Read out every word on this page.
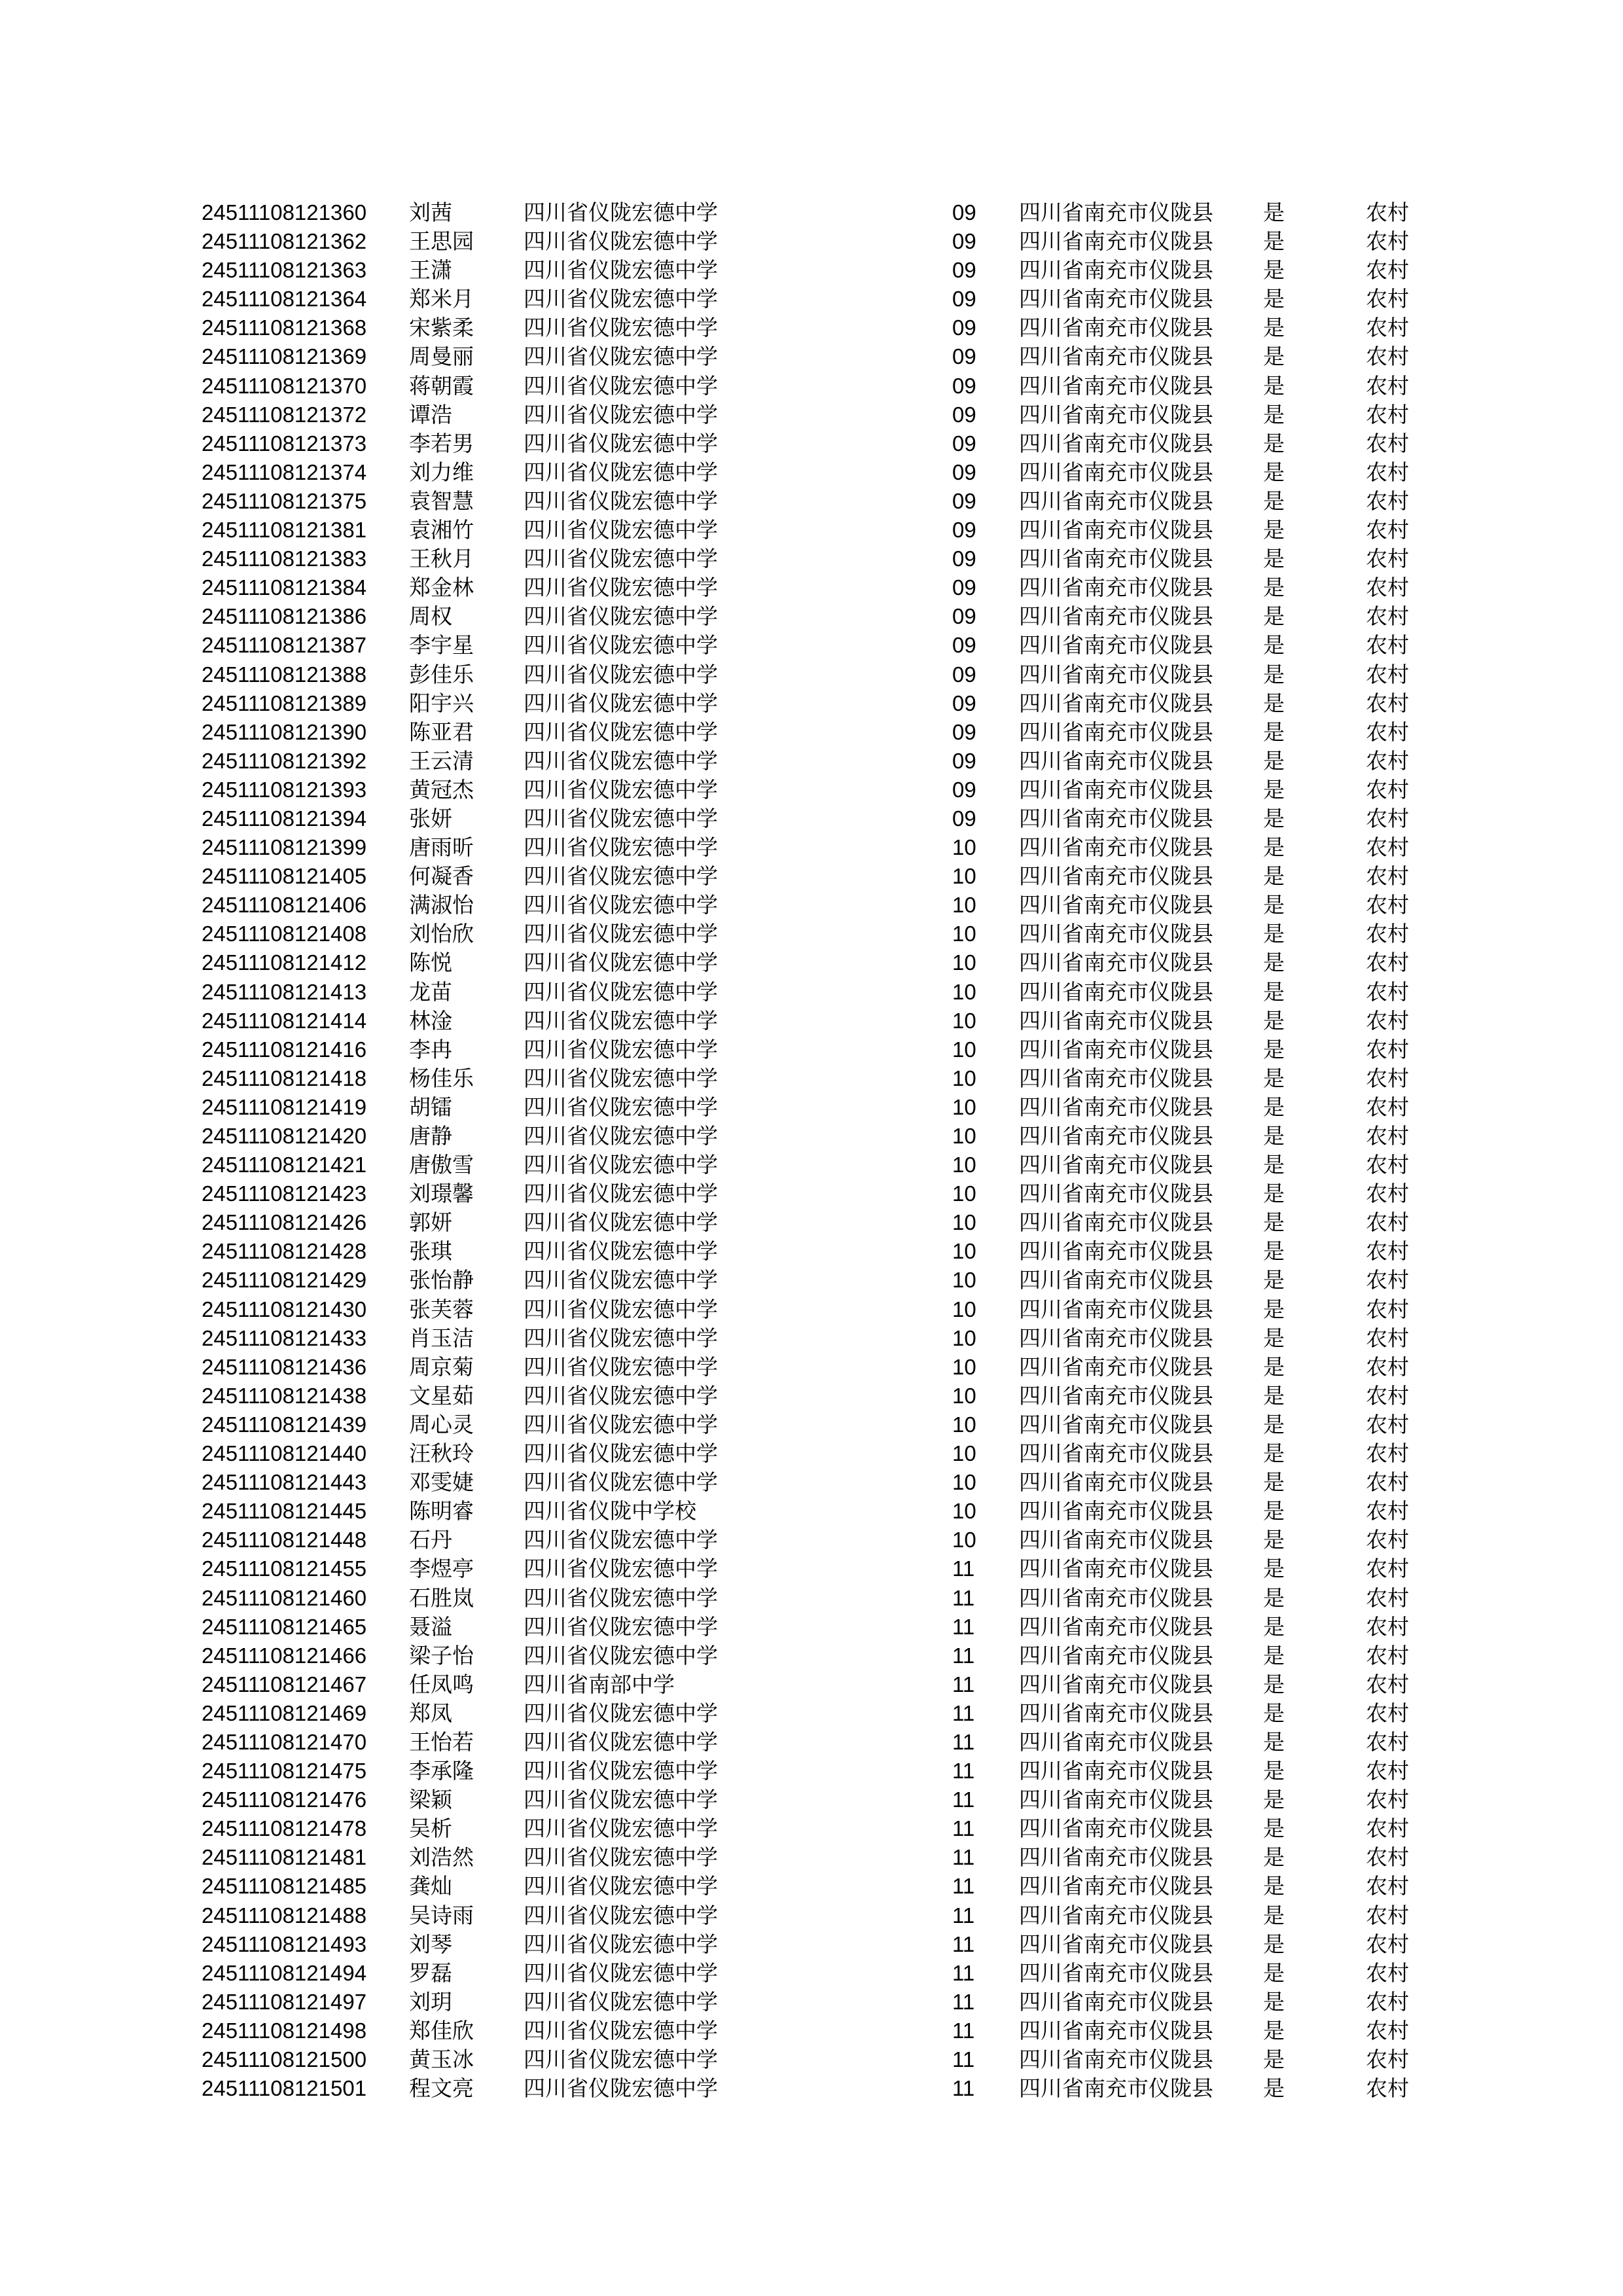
24511108121360 刘茜	四川省仪陇宏德中学	09 四川省南充市仪陇县 是	农村
24511108121362 王思园 四川省仪陇宏德中学	09 四川省南充市仪陇县 是	农村
24511108121363 王潇	四川省仪陇宏德中学	09 四川省南充市仪陇县 是	农村
24511108121364 郑米月 四川省仪陇宏德中学	09 四川省南充市仪陇县 是	农村
24511108121368 宋紫柔 四川省仪陇宏德中学	09 四川省南充市仪陇县 是	农村
24511108121369 周曼丽 四川省仪陇宏德中学	09 四川省南充市仪陇县 是	农村
24511108121370 蒋朝霞 四川省仪陇宏德中学	09 四川省南充市仪陇县 是	农村
24511108121372 谭浩	四川省仪陇宏德中学	09 四川省南充市仪陇县 是	农村
24511108121373 李若男 四川省仪陇宏德中学	09 四川省南充市仪陇县 是	农村
24511108121374 刘力维 四川省仪陇宏德中学	09 四川省南充市仪陇县 是	农村
24511108121375 袁智慧 四川省仪陇宏德中学	09 四川省南充市仪陇县 是	农村
24511108121381 袁湘竹 四川省仪陇宏德中学	09 四川省南充市仪陇县 是	农村
24511108121383 王秋月 四川省仪陇宏德中学	09 四川省南充市仪陇县 是	农村
24511108121384 郑金林 四川省仪陇宏德中学	09 四川省南充市仪陇县 是	农村
24511108121386 周权	四川省仪陇宏德中学	09 四川省南充市仪陇县 是	农村
24511108121387 李宇星 四川省仪陇宏德中学	09 四川省南充市仪陇县 是	农村
24511108121388 彭佳乐 四川省仪陇宏德中学	09 四川省南充市仪陇县 是	农村
24511108121389 阳宇兴 四川省仪陇宏德中学	09 四川省南充市仪陇县 是	农村
24511108121390 陈亚君 四川省仪陇宏德中学	09 四川省南充市仪陇县 是	农村
24511108121392 王云清 四川省仪陇宏德中学	09 四川省南充市仪陇县 是	农村
24511108121393 黄冠杰 四川省仪陇宏德中学	09 四川省南充市仪陇县 是	农村
24511108121394 张妍	四川省仪陇宏德中学	09 四川省南充市仪陇县 是	农村
24511108121399 唐雨昕 四川省仪陇宏德中学	10 四川省南充市仪陇县 是	农村
24511108121405 何凝香 四川省仪陇宏德中学	10 四川省南充市仪陇县 是	农村
24511108121406 满淑怡 四川省仪陇宏德中学	10 四川省南充市仪陇县 是	农村
24511108121408 刘怡欣 四川省仪陇宏德中学	10 四川省南充市仪陇县 是	农村
24511108121412 陈悦	四川省仪陇宏德中学	10 四川省南充市仪陇县 是	农村
24511108121413 龙苗	四川省仪陇宏德中学	10 四川省南充市仪陇县 是	农村
24511108121414 林淦	四川省仪陇宏德中学	10 四川省南充市仪陇县 是	农村
24511108121416 李冉	四川省仪陇宏德中学	10 四川省南充市仪陇县 是	农村
24511108121418 杨佳乐 四川省仪陇宏德中学	10 四川省南充市仪陇县 是	农村
24511108121419 胡镭	四川省仪陇宏德中学	10 四川省南充市仪陇县 是	农村
24511108121420 唐静	四川省仪陇宏德中学	10 四川省南充市仪陇县 是	农村
24511108121421 唐傲雪 四川省仪陇宏德中学	10 四川省南充市仪陇县 是	农村
24511108121423 刘璟馨 四川省仪陇宏德中学	10 四川省南充市仪陇县 是	农村
24511108121426 郭妍	四川省仪陇宏德中学	10 四川省南充市仪陇县 是	农村
24511108121428 张琪	四川省仪陇宏德中学	10 四川省南充市仪陇县 是	农村
24511108121429 张怡静 四川省仪陇宏德中学	10 四川省南充市仪陇县 是	农村
24511108121430 张芙蓉 四川省仪陇宏德中学	10 四川省南充市仪陇县 是	农村
24511108121433 肖玉洁 四川省仪陇宏德中学	10 四川省南充市仪陇县 是	农村
24511108121436 周京菊 四川省仪陇宏德中学	10 四川省南充市仪陇县 是	农村
24511108121438 文星茹 四川省仪陇宏德中学	10 四川省南充市仪陇县 是	农村
24511108121439 周心灵 四川省仪陇宏德中学	10 四川省南充市仪陇县 是	农村
24511108121440 汪秋玲 四川省仪陇宏德中学	10 四川省南充市仪陇县 是	农村
24511108121443 邓雯婕 四川省仪陇宏德中学	10 四川省南充市仪陇县 是	农村
24511108121445 陈明睿 四川省仪陇中学校	10 四川省南充市仪陇县 是	农村
24511108121448 石丹	四川省仪陇宏德中学	10 四川省南充市仪陇县 是	农村
24511108121455 李煜亭 四川省仪陇宏德中学	11 四川省南充市仪陇县 是	农村
24511108121460 石胜岚 四川省仪陇宏德中学	11 四川省南充市仪陇县 是	农村
24511108121465 聂溢	四川省仪陇宏德中学	11 四川省南充市仪陇县 是	农村
24511108121466 梁子怡 四川省仪陇宏德中学	11 四川省南充市仪陇县 是	农村
24511108121467 任凤鸣 四川省南部中学	11 四川省南充市仪陇县 是	农村
24511108121469 郑凤	四川省仪陇宏德中学	11 四川省南充市仪陇县 是	农村
24511108121470 王怡若 四川省仪陇宏德中学	11 四川省南充市仪陇县 是	农村
24511108121475 李承隆 四川省仪陇宏德中学	11 四川省南充市仪陇县 是	农村
24511108121476 梁颖	四川省仪陇宏德中学	11 四川省南充市仪陇县 是	农村
24511108121478 吴析	四川省仪陇宏德中学	11 四川省南充市仪陇县 是	农村
24511108121481 刘浩然 四川省仪陇宏德中学	11 四川省南充市仪陇县 是	农村
24511108121485 龚灿	四川省仪陇宏德中学	11 四川省南充市仪陇县 是	农村
24511108121488 吴诗雨 四川省仪陇宏德中学	11 四川省南充市仪陇县 是	农村
24511108121493 刘琴	四川省仪陇宏德中学	11 四川省南充市仪陇县 是	农村
24511108121494 罗磊	四川省仪陇宏德中学	11 四川省南充市仪陇县 是	农村
24511108121497 刘玥	四川省仪陇宏德中学	11 四川省南充市仪陇县 是	农村
24511108121498 郑佳欣 四川省仪陇宏德中学	11 四川省南充市仪陇县 是	农村
24511108121500 黄玉冰 四川省仪陇宏德中学	11 四川省南充市仪陇县 是	农村
24511108121501 程文亮 四川省仪陇宏德中学	11 四川省南充市仪陇县 是	农村
